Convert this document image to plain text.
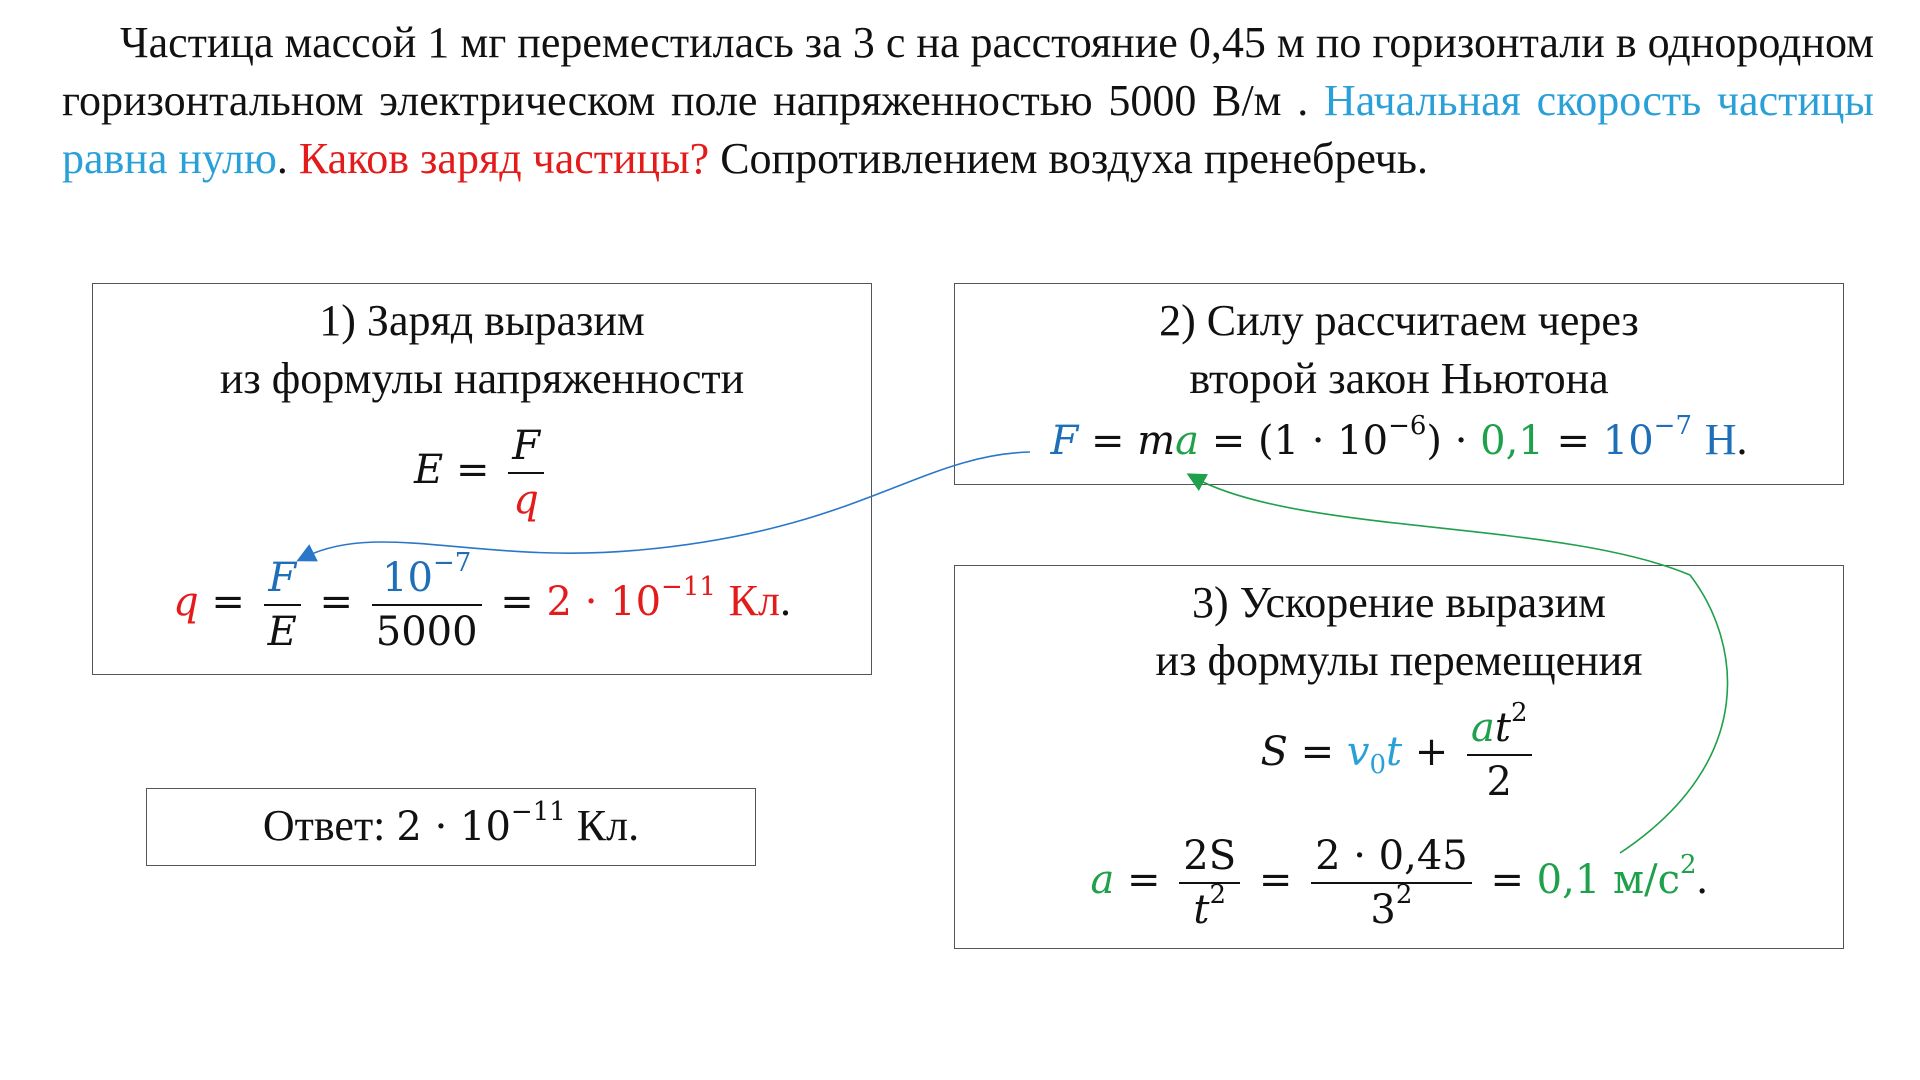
Частица массой 1 мг переместилась за 3 с на расстояние 0,45 м по горизонтали в однородном горизонтальном электрическом поле напряженностью 5000 В/м . Начальная скорость частицы равна нулю. Каков заряд частицы? Сопротивлением воздуха пренебречь.
1) Заряд выразим
из формулы напряженности
$E = \frac{F}{q}$
$q = \frac{F}{E} = \frac{10^{-7}}{5000} = 2 \cdot 10^{-11}$ Кл.
2) Силу рассчитаем через
второй закон Ньютона
F = ma = $(1 \cdot 10^{-6}) \cdot 0,1 = 10^{-7}$ Н.
3) Ускорение выразим
из формулы перемещения
$S = v_0t + \frac{at^2}{2}$
$a = \frac{2S}{t^2} = \frac{2 \cdot 0,45}{3^2} = 0,1$ $м/с^2$.
Ответ: $2 \cdot 10^{-11}$ Кл.
